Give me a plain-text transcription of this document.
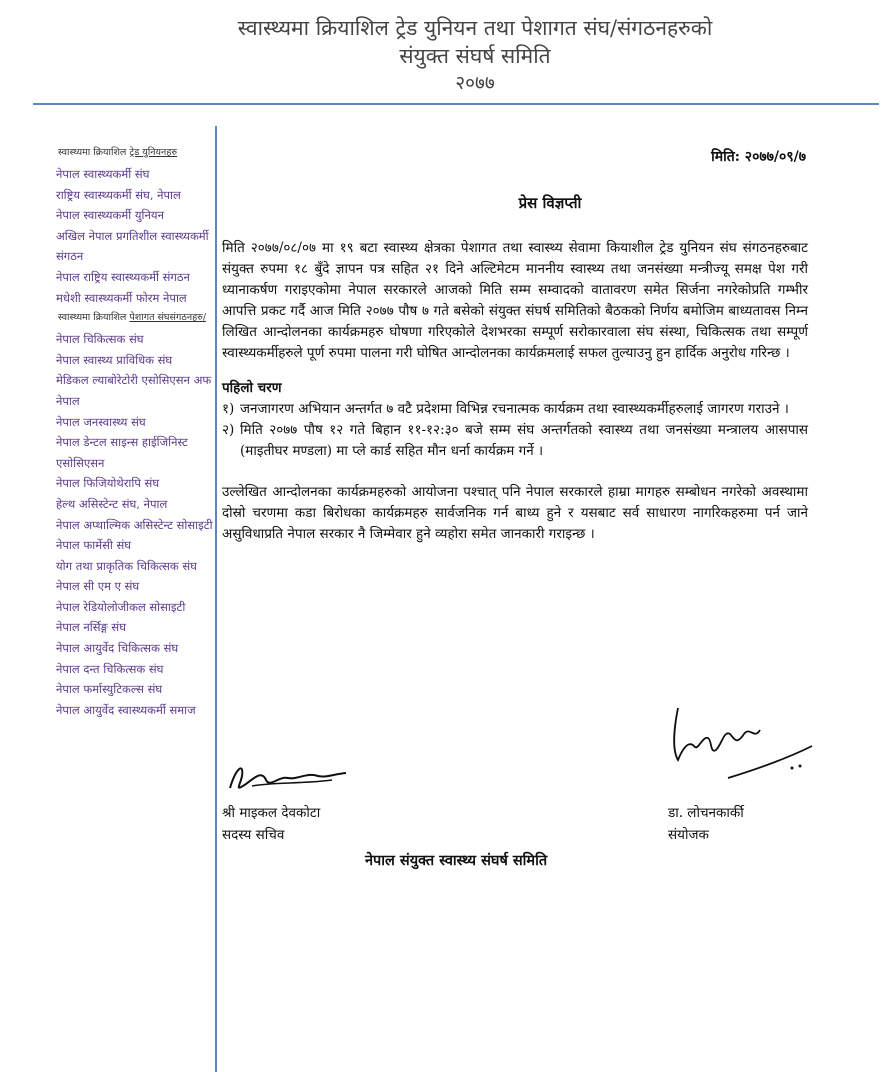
स्वास्थ्यमा क्रियाशिल ट्रेड युनियन तथा पेशागत संघ/संगठनहरुको
संयुक्त संघर्ष समिति
२०७७
स्वास्थ्यमा क्रियाशिल ट्रेड युनियनहरु
नेपाल स्वास्थ्यकर्मी संघ
राष्ट्रिय स्वास्थ्यकर्मी संघ, नेपाल
नेपाल स्वास्थ्यकर्मी युनियन
अखिल नेपाल प्रगतिशील स्वास्थ्यकर्मी संगठन
नेपाल राष्ट्रिय स्वास्थ्यकर्मी संगठन
मधेशी स्वास्थ्यकर्मी फोरम नेपाल
स्वास्थ्यमा क्रियाशिल पेशागत संघसंगठनहरु/
नेपाल चिकित्सक संघ
नेपाल स्वास्थ्य प्राविधिक संघ
मेडिकल ल्याबोरेटोरी एसोसिएसन अफ नेपाल
नेपाल जनस्वास्थ्य संघ
नेपाल डेन्टल साइन्स हाईजिनिस्ट एसोसिएसन
नेपाल फिजियोथेरापि संघ
हेल्थ असिस्टेन्ट संघ, नेपाल
नेपाल अप्थाल्मिक असिस्टेन्ट सोसाइटी
नेपाल फार्मेसी संघ
योग तथा प्राकृतिक चिकित्सक संघ
नेपाल सी एम ए संघ
नेपाल रेडियोलोजीकल सोसाइटी
नेपाल नर्सिङ्ग संघ
नेपाल आयुर्वेद चिकित्सक संघ
नेपाल दन्त चिकित्सक संघ
नेपाल फर्मास्युटिकल्स संघ
नेपाल आयुर्वेद स्वास्थ्यकर्मी समाज
मिति: २०७७/०९/७
प्रेस विज्ञप्ती

मिति २०७७/०८/०७ मा १९ बटा स्वास्थ्य क्षेत्रका पेशागत तथा स्वास्थ्य सेवामा कियाशील ट्रेड युनियन संघ संगठनहरुबाट संयुक्त रुपमा १८ बुँदे ज्ञापन पत्र सहित २१ दिने अल्टिमेटम माननीय स्वास्थ्य तथा जनसंख्या मन्त्रीज्यू समक्ष पेश गरी ध्यानाकर्षण गराइएकोमा नेपाल सरकारले आजको मिति सम्म सम्वादको वातावरण समेत सिर्जना नगरेकोप्रति गम्भीर आपत्ति प्रकट गर्दै आज मिति २०७७ पौष ७ गते बसेको संयुक्त संघर्ष समितिको बैठकको निर्णय बमोजिम बाध्यतावस निम्न लिखित आन्दोलनका कार्यक्रमहरु घोषणा गरिएकोले देशभरका सम्पूर्ण सरोकारवाला संघ संस्था, चिकित्सक तथा सम्पूर्ण स्वास्थ्यकर्मीहरुले पूर्ण रुपमा पालना गरी घोषित आन्दोलनका कार्यक्रमलाई सफल तुल्याउनु हुन हार्दिक अनुरोध गरिन्छ ।

पहिलो चरण

१) जनजागरण अभियान अन्तर्गत ७ वटै प्रदेशमा विभिन्न रचनात्मक कार्यक्रम तथा स्वास्थ्यकर्मीहरुलाई जागरण गराउने ।
२) मिति २०७७ पौष १२ गते बिहान ११-१२:३० बजे सम्म संघ अन्तर्गतको स्वास्थ्य तथा जनसंख्या मन्त्रालय आसपास (माइतीघर मण्डला) मा प्ले कार्ड सहित मौन धर्ना कार्यक्रम गर्ने ।

उल्लेखित आन्दोलनका कार्यक्रमहरुको आयोजना पश्चात् पनि नेपाल सरकारले हाम्रा मागहरु सम्बोधन नगरेको अवस्थामा दोस्रो चरणमा कडा बिरोधका कार्यक्रमहरु सार्वजनिक गर्न बाध्य हुने र यसबाट सर्व साधारण नागरिकहरुमा पर्न जाने असुविधाप्रति नेपाल सरकार नै जिम्मेवार हुने व्यहोरा समेत जानकारी गराइन्छ ।

श्री माइकल देवकोटा
सदस्य सचिव
डा. लोचनकार्की
संयोजक
नेपाल संयुक्त स्वास्थ्य संघर्ष समिति
